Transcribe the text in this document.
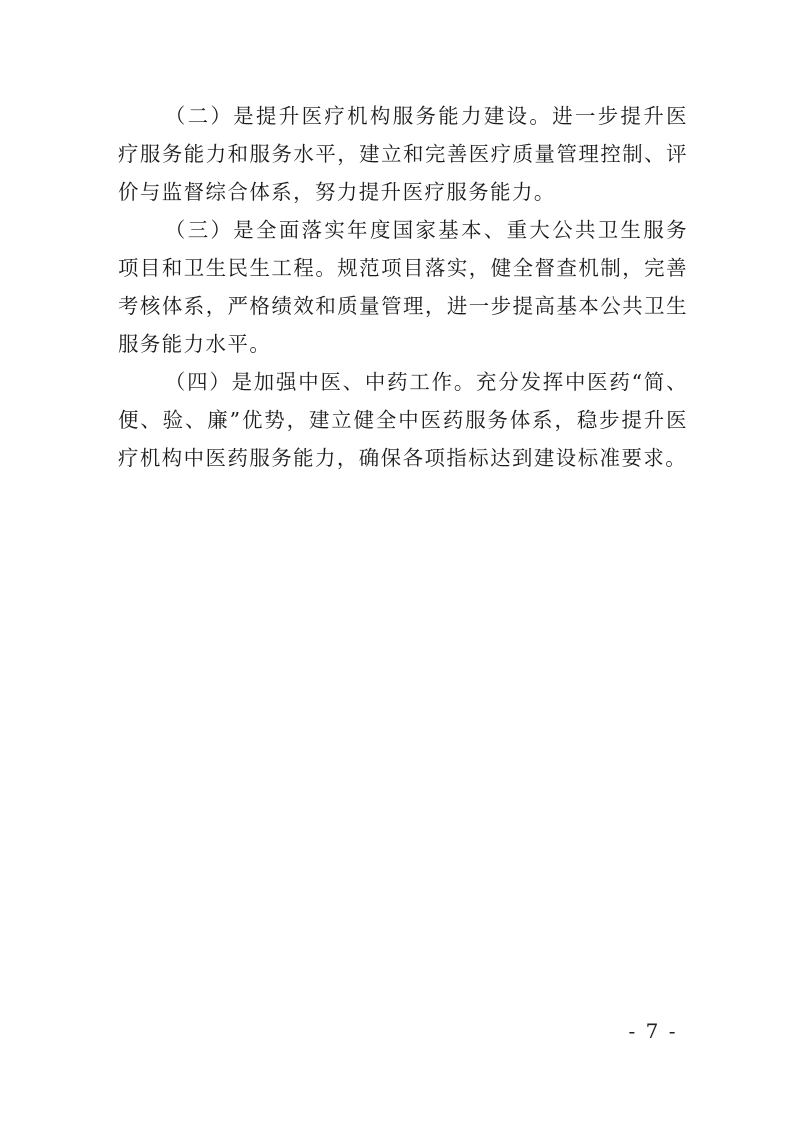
（二）是提升医疗机构服务能力建设。进一步提升医疗服务能力和服务水平，建立和完善医疗质量管理控制、评价与监督综合体系，努力提升医疗服务能力。

（三）是全面落实年度国家基本、重大公共卫生服务项目和卫生民生工程。规范项目落实，健全督查机制，完善考核体系，严格绩效和质量管理，进一步提高基本公共卫生服务能力水平。

（四）是加强中医、中药工作。充分发挥中医药“简、便、验、廉”优势，建立健全中医药服务体系，稳步提升医疗机构中医药服务能力，确保各项指标达到建设标准要求。

- 7 -
